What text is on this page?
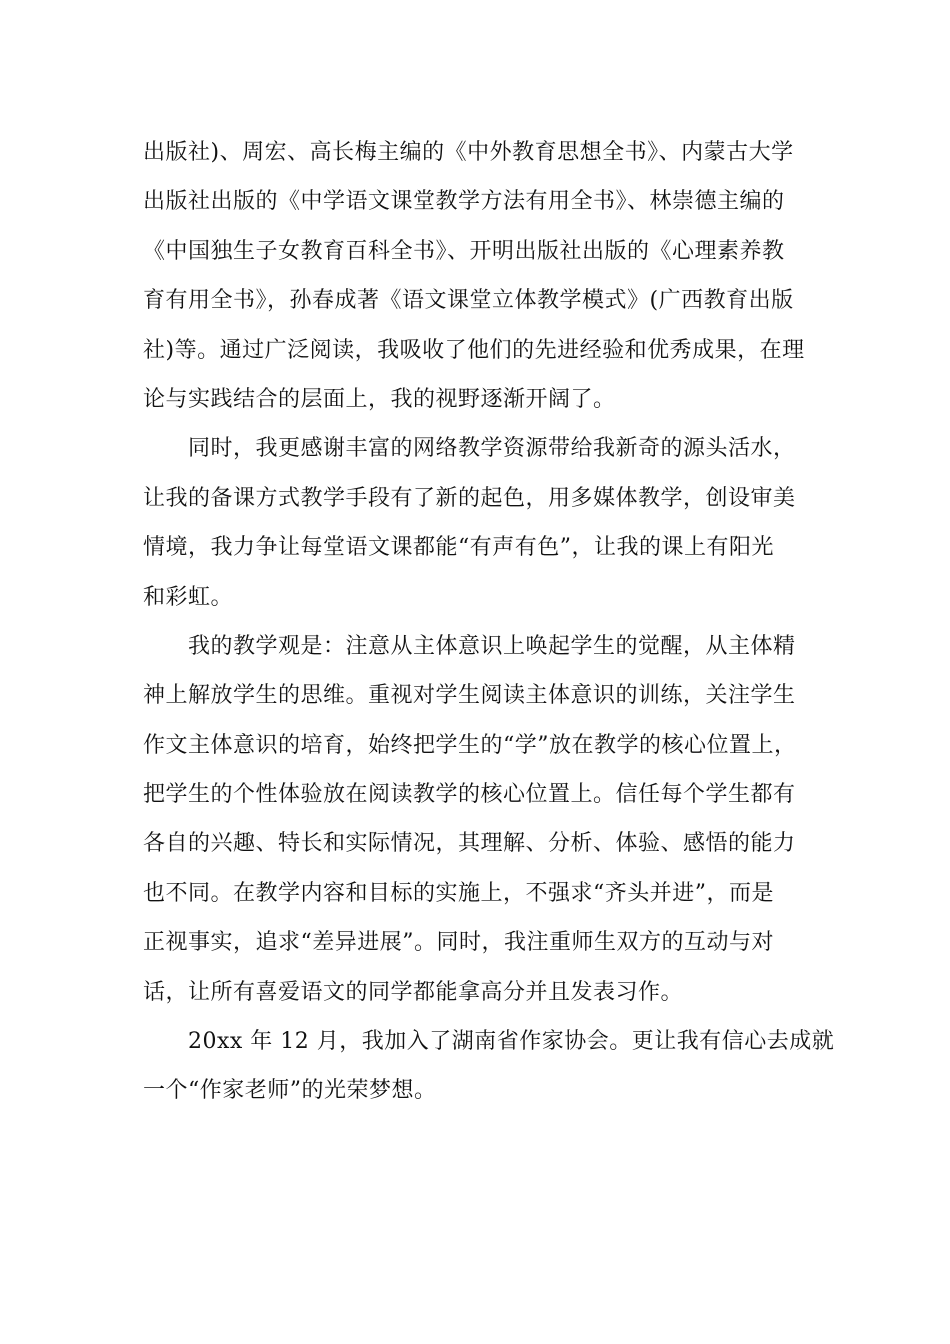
出版社)、周宏、高长梅主编的《中外教育思想全书》、内蒙古大学
出版社出版的《中学语文课堂教学方法有用全书》、林崇德主编的
《中国独生子女教育百科全书》、开明出版社出版的《心理素养教
育有用全书》，孙春成著《语文课堂立体教学模式》(广西教育出版
社)等。通过广泛阅读，我吸收了他们的先进经验和优秀成果，在理
论与实践结合的层面上，我的视野逐渐开阔了。
同时，我更感谢丰富的网络教学资源带给我新奇的源头活水，
让我的备课方式教学手段有了新的起色，用多媒体教学，创设审美
情境，我力争让每堂语文课都能“有声有色”，让我的课上有阳光
和彩虹。
我的教学观是：注意从主体意识上唤起学生的觉醒，从主体精
神上解放学生的思维。重视对学生阅读主体意识的训练，关注学生
作文主体意识的培育，始终把学生的“学”放在教学的核心位置上，
把学生的个性体验放在阅读教学的核心位置上。信任每个学生都有
各自的兴趣、特长和实际情况，其理解、分析、体验、感悟的能力
也不同。在教学内容和目标的实施上，不强求“齐头并进”，而是
正视事实，追求“差异进展”。同时，我注重师生双方的互动与对
话，让所有喜爱语文的同学都能拿高分并且发表习作。
20xx 年 12 月，我加入了湖南省作家协会。更让我有信心去成就
一个“作家老师”的光荣梦想。
